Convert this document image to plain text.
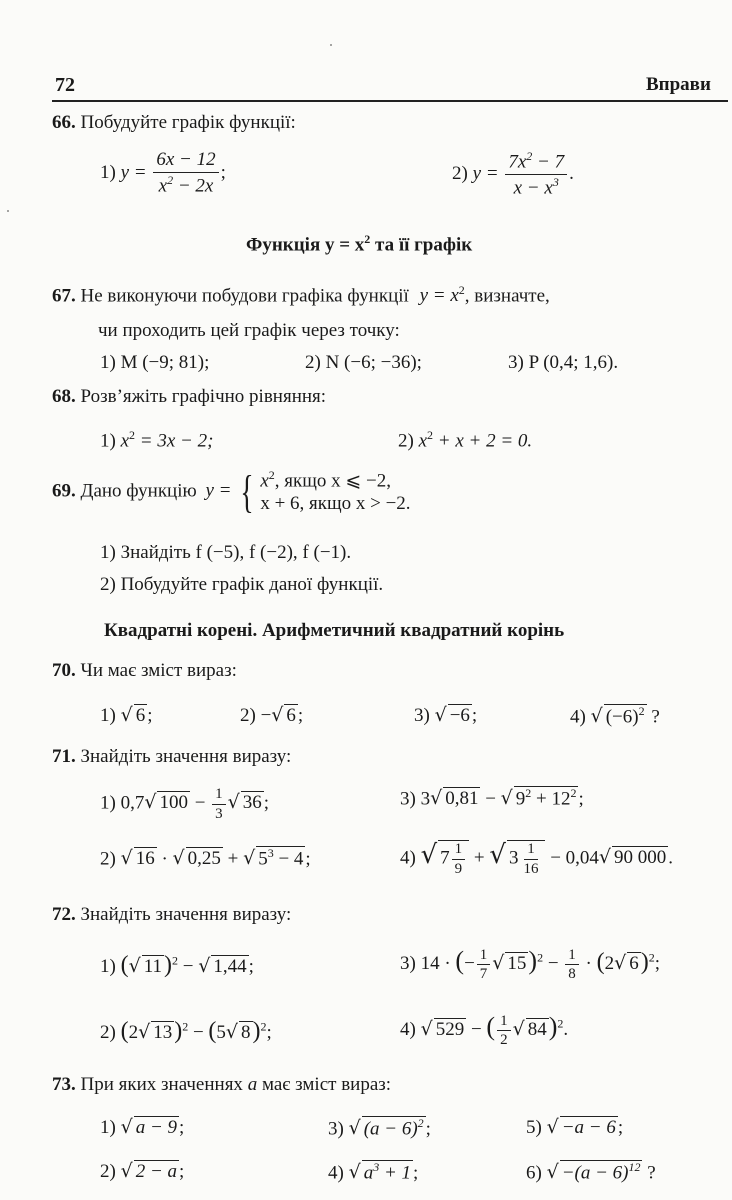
72	Вправи
66. Побудуйте графік функції:
1) $y = \frac{6x - 12}{x^2 - 2x}$ ;	2) $y = \frac{7x^2 - 7}{x - x^3}$ .
Функція $y = x^2$ та її графік
67. Не виконуючи побудови графіка функції $y = x^2$, визначте,
чи проходить цей графік через точку:
1) M (−9; 81);	2) N (−6; −36);	3) P (0,4; 1,6).
68. Розв’яжіть графічно рівняння:
1) $x^2 = 3x - 2$;	2) $x^2 + x + 2 = 0$.
69. Дано функцію y = { $x^2$, якщо x ⩽ −2,
x + 6, якщо x > −2.
1) Знайдіть f (−5), f (−2), f (−1).
2) Побудуйте графік даної функції.
Квадратні корені. Арифметичний квадратний корінь
70. Чи має зміст вираз:
1) √ 6 ;	2) −√ 6 ;	3) √ −6 ;	4) √ $(-6)^2$ ?
71. Знайдіть значення виразу:
1) 0,7√ $100 - \frac{1}{3}$ √ 36 ;	3) 3√ 0,81 − √ $9^2 + 12^2$ ;
2) √ 16 · √ 0,25 + √ $5^3 - 4$ ;	4) √ $7 \frac{1}{9}$ + √ $3 \frac{1}{16} - 0,04√$ 90 000 .
72. Знайдіть значення виразу:
1) (√ 11)$^2$ − √ 1,44 ;	3) 14 · (− $\frac{1}{7}$ √ $15)^2 - \frac{1}{8} \cdot (2√$ 6)$^2$;
2) (2√ 13)$^2$ − (5√ 8)$^2$;	4) √ 529 − ( $\frac{1}{2}$ √ 84)$^2$.
73. При яких значеннях a має зміст вираз:
1) √ a − 9 ;	3) √ $(a - 6)^2$ ;	5) √ −a − 6 ;
2) √ 2 − a ;	4) √ $a^3 + 1$ ;	6) √ $-(a - 6)^{12}$ ?
